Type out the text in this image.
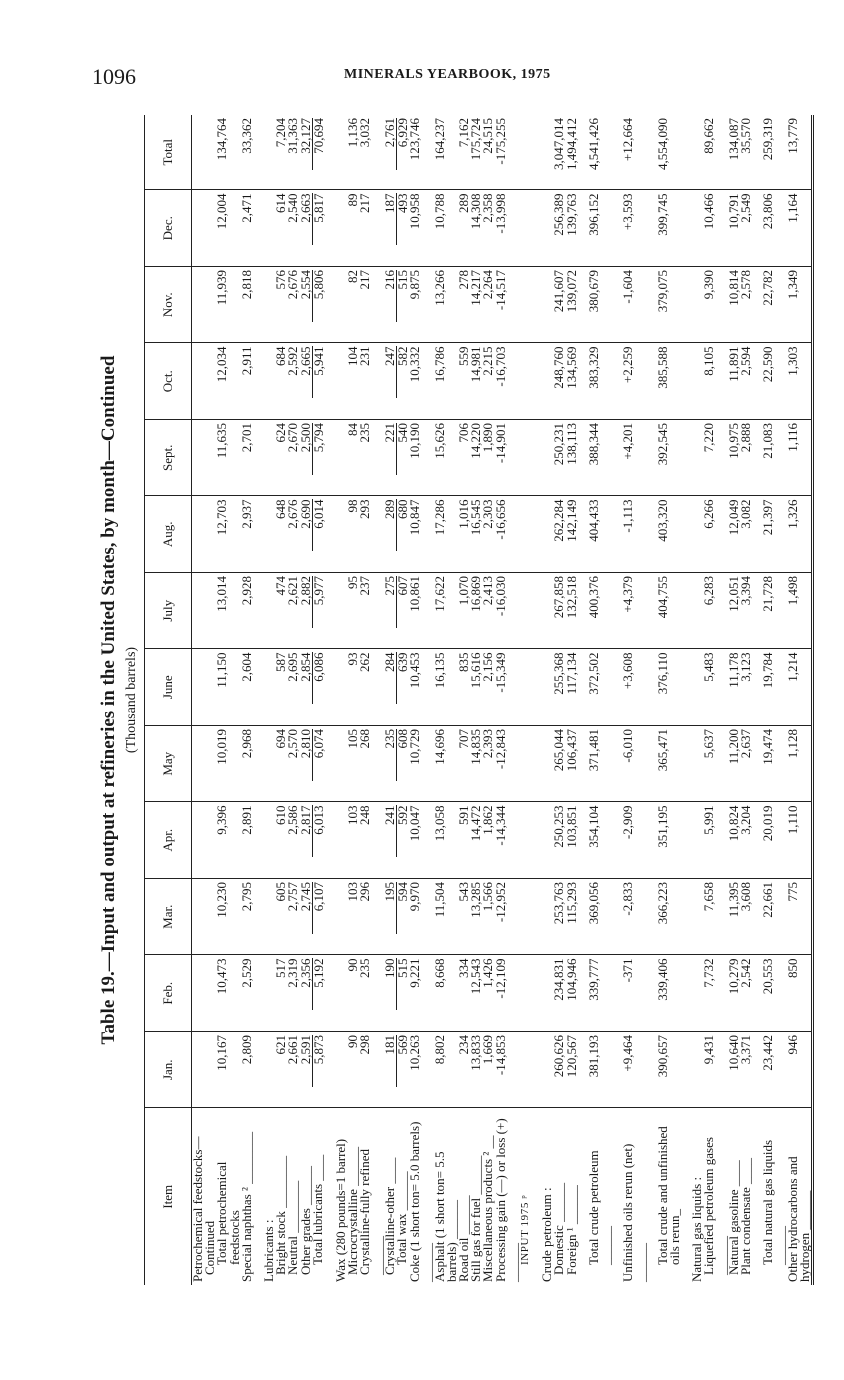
1096	MINERALS YEARBOOK, 1975
Table 19.—Input and output at refineries in the United States, by month—Continued (Thousand barrels)
Item	Jan.	Feb.	Mar.	Apr.	May	June	July	Aug.	Sept.	Oct.	Nov.	Dec.	Total
Petrochemical feedstocks—													
Continued													
Total petrochemical feedstocks	10,167	10,473	10,230	9,396	10,019	11,150	13,014	12,703	11,635	12,034	11,939	12,004	134,764
Special naphthas ² ________	2,809	2,529	2,795	2,891	2,968	2,604	2,928	2,937	2,701	2,911	2,818	2,471	33,362

Lubricants :													
Bright stock ________	621	517	605	610	694	587	474	648	624	684	576	614	7,204
Neutral ________	2,661	2,319	2,757	2,586	2,570	2,695	2,621	2,676	2,670	2,592	2,676	2,540	31,363
Other grades ______	2,591	2,356	2,745	2,817	2,810	2,854	2,882	2,690	2,500	2,665	2,554	2,663	32,127
Total lubricants ____	5,873	5,192	6,107	6,013	6,074	6,086	5,977	6,014	5,794	5,941	5,806	5,817	70,694

Wax (280 pounds=1 barrel)													
Microcrystalline ______	90	90	103	103	105	93	95	98	84	104	82	89	1,136
Crystalline-fully refined ______	298	235	296	248	268	262	237	293	235	231	217	217	3,032
Crystalline-other ____	181	190	195	241	235	284	275	289	221	247	216	187	2,761
Total wax ______	569	515	594	592	608	639	607	680	540	582	515	493	6,929
Coke (1 short ton= 5.0 barrels) ______	10,263	9,221	9,970	10,047	10,729	10,453	10,861	10,847	10,190	10,332	9,875	10,958	123,746
Asphalt (1 short ton= 5.5 barrels) ______	8,802	8,668	11,504	13,058	14,696	16,135	17,622	17,286	15,626	16,786	13,266	10,788	164,237
Road oil ______	234	334	543	591	707	835	1,070	1,016	706	559	278	289	7,162
Still gas for fuel ______	13,833	12,543	13,285	14,472	14,835	15,616	16,869	16,545	14,220	14,981	14,217	14,308	175,724
Miscellaneous products ² __	1,669	1,426	1,566	1,862	2,393	2,156	2,413	2,303	1,890	2,215	2,264	2,358	24,515
Processing gain (—) or loss (+) ______	-14,853	-12,109	-12,952	-14,344	-12,843	-15,349	-16,030	-16,656	-14,901	-16,703	-14,517	-13,998	-175,255
INPUT 1975 ᵖ													

Crude petroleum :													
Domestic ______	260,626	234,831	253,763	250,253	265,044	255,368	267,858	262,284	250,231	248,760	241,607	256,389	3,047,014
Foreign ¹ ______	120,567	104,946	115,293	103,851	106,437	117,134	132,518	142,149	138,113	134,569	139,072	139,763	1,494,412

Total crude petroleum ______	381,193	339,777	369,056	354,104	371,481	372,502	400,376	404,433	388,344	383,329	380,679	396,152	4,541,426

Unfinished oils rerun (net) ______	+9,464	-371	-2,833	-2,909	-6,010	+3,608	+4,379	-1,113	+4,201	+2,259	-1,604	+3,593	+12,664

Total crude and unfinished oils rerun_	390,657	339,406	366,223	351,195	365,471	376,110	404,755	403,320	392,545	385,588	379,075	399,745	4,554,090

Natural gas liquids :													
Liquefied petroleum gases ______	9,431	7,732	7,658	5,991	5,637	5,483	6,283	6,266	7,220	8,105	9,390	10,466	89,662
Natural gasoline ____	10,640	10,279	11,395	10,824	11,200	11,178	12,051	12,049	10,975	11,891	10,814	10,791	134,087
Plant condensate ____	3,371	2,542	3,608	3,204	2,637	3,123	3,394	3,082	2,888	2,594	2,578	2,549	35,570

Total natural gas liquids ______	23,442	20,553	22,661	20,019	19,474	19,784	21,728	21,397	21,083	22,590	22,782	23,806	259,319
Other hydrocarbons and hydrogen ______	946	850	775	1,110	1,128	1,214	1,498	1,326	1,116	1,303	1,349	1,164	13,779
